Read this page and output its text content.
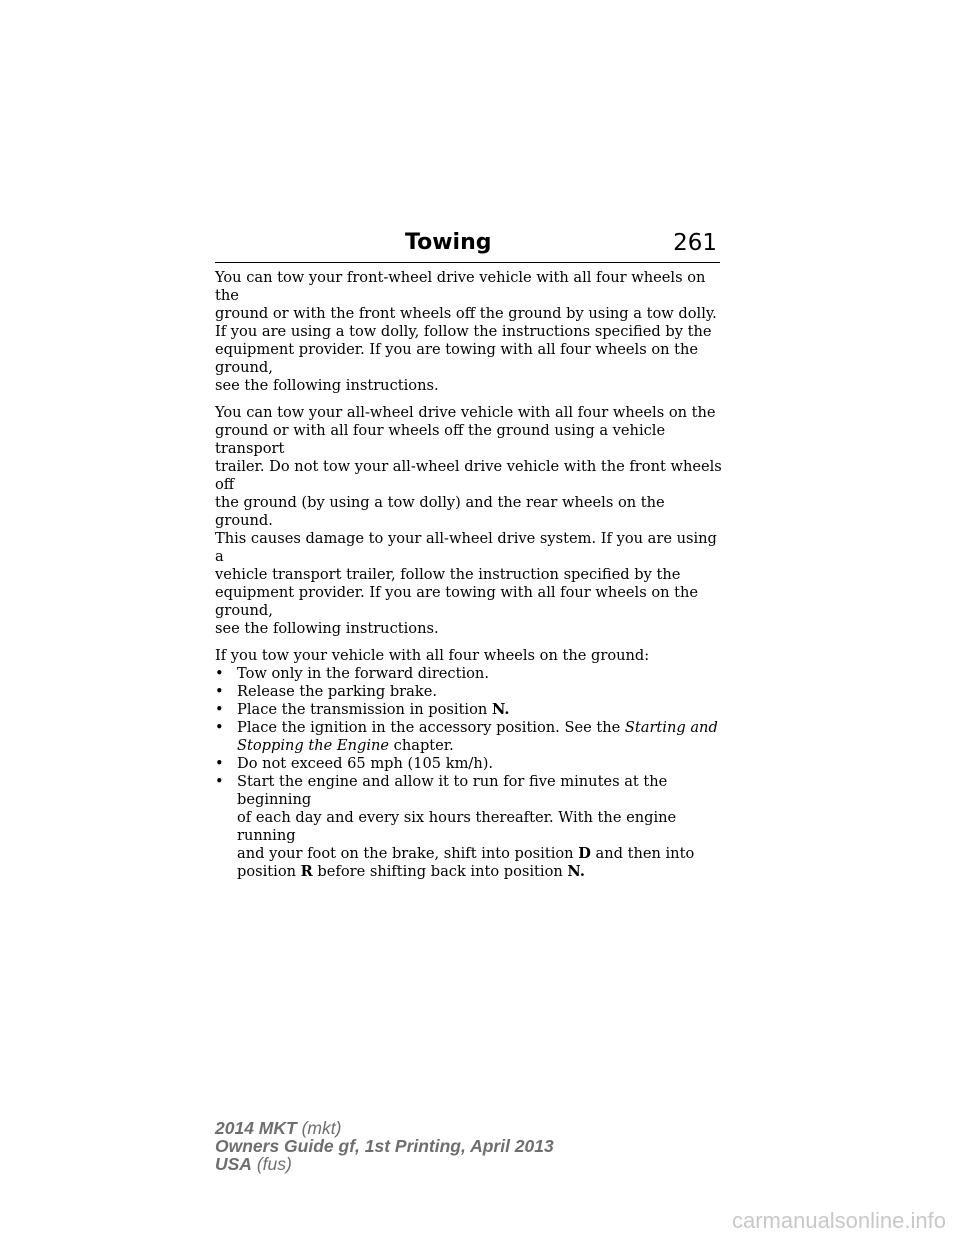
Towing	261

You can tow your front-wheel drive vehicle with all four wheels on the
ground or with the front wheels off the ground by using a tow dolly.
If you are using a tow dolly, follow the instructions specified by the
equipment provider. If you are towing with all four wheels on the ground,
see the following instructions.

You can tow your all-wheel drive vehicle with all four wheels on the
ground or with all four wheels off the ground using a vehicle transport
trailer. Do not tow your all-wheel drive vehicle with the front wheels off
the ground (by using a tow dolly) and the rear wheels on the ground.
This causes damage to your all-wheel drive system. If you are using a
vehicle transport trailer, follow the instruction specified by the
equipment provider. If you are towing with all four wheels on the ground,
see the following instructions.

If you tow your vehicle with all four wheels on the ground:
• Tow only in the forward direction.
• Release the parking brake.
• Place the transmission in position N.
• Place the ignition in the accessory position. See the Starting and
Stopping the Engine chapter.
• Do not exceed 65 mph (105 km/h).
• Start the engine and allow it to run for five minutes at the beginning
of each day and every six hours thereafter. With the engine running
and your foot on the brake, shift into position D and then into
position R before shifting back into position N.
2014 MKT (mkt)
Owners Guide gf, 1st Printing, April 2013
USA (fus)
carmanualsonline.info
